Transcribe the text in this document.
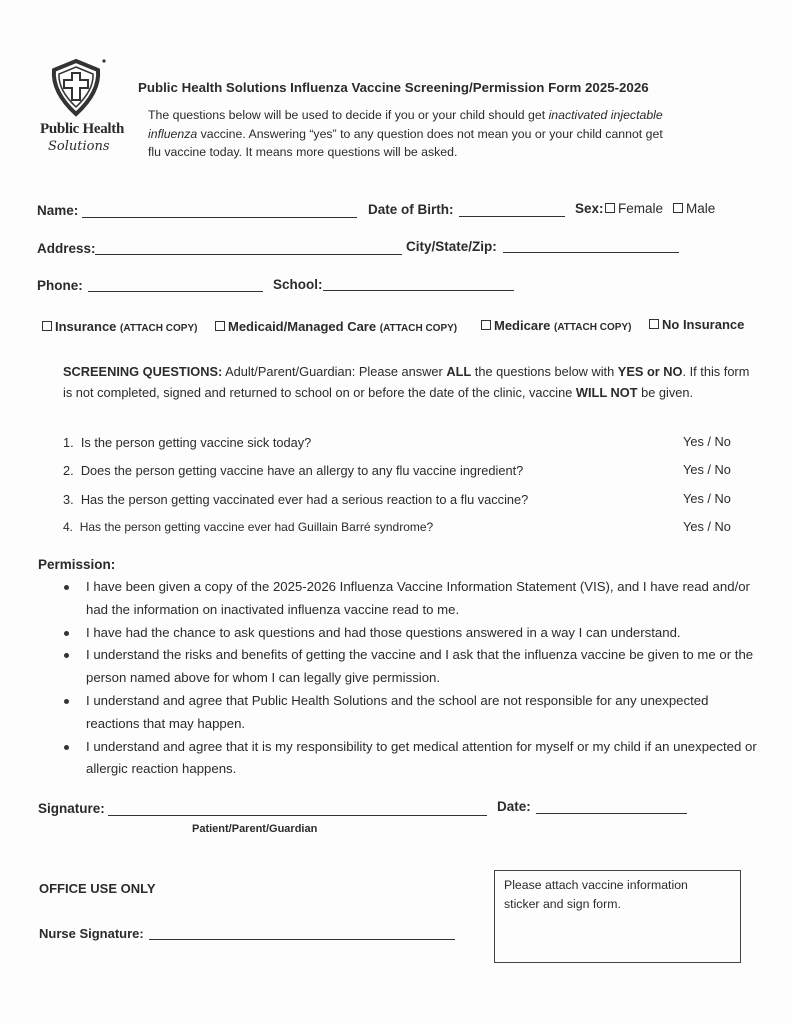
Public Health
Solutions
Public Health Solutions Influenza Vaccine Screening/Permission Form 2025-2026
The questions below will be used to decide if you or your child should get inactivated injectable influenza vaccine. Answering “yes” to any question does not mean you or your child cannot get flu vaccine today. It means more questions will be asked.
Name:	Date of Birth:	Sex:	Female	Male
Address:	City/State/Zip:
Phone:	School:
Insurance (ATTACH COPY)	Medicaid/Managed Care (ATTACH COPY)	Medicare (ATTACH COPY)	No Insurance
SCREENING QUESTIONS: Adult/Parent/Guardian: Please answer ALL the questions below with YES or NO. If this form is not completed, signed and returned to school on or before the date of the clinic, vaccine WILL NOT be given.
1. Is the person getting vaccine sick today?	Yes / No
2. Does the person getting vaccine have an allergy to any flu vaccine ingredient?	Yes / No
3. Has the person getting vaccinated ever had a serious reaction to a flu vaccine?	Yes / No
4. Has the person getting vaccine ever had Guillain Barré syndrome?	Yes / No
Permission:
I have been given a copy of the 2025-2026 Influenza Vaccine Information Statement (VIS), and I have read and/or had the information on inactivated influenza vaccine read to me.
I have had the chance to ask questions and had those questions answered in a way I can understand.
I understand the risks and benefits of getting the vaccine and I ask that the influenza vaccine be given to me or the person named above for whom I can legally give permission.
I understand and agree that Public Health Solutions and the school are not responsible for any unexpected reactions that may happen.
I understand and agree that it is my responsibility to get medical attention for myself or my child if an unexpected or allergic reaction happens.
Signature:	Date:
Patient/Parent/Guardian
OFFICE USE ONLY
Nurse Signature:
Please attach vaccine information sticker and sign form.
